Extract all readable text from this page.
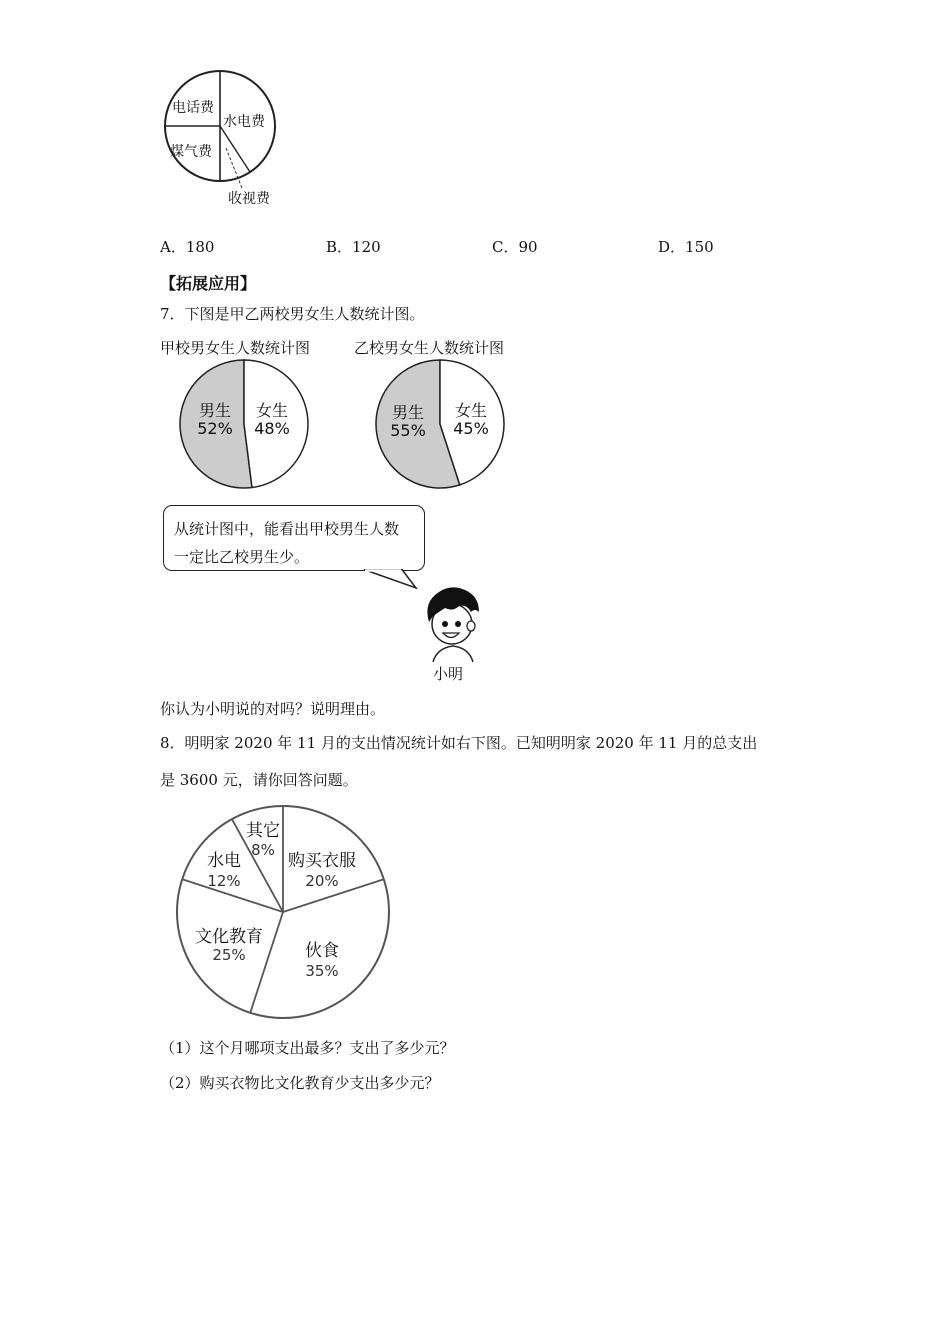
电话费
水电费
煤气费
收视费
A．180	B．120	C．90	D．150
【拓展应用】
7．下图是甲乙两校男女生人数统计图。
甲校男女生人数统计图	乙校男女生人数统计图
男生
52%
女生
48%
男生
55%
女生
45%
从统计图中，能看出甲校男生人数
一定比乙校男生少。
小明
你认为小明说的对吗？说明理由。
8．明明家 2020 年 11 月的支出情况统计如右下图。已知明明家 2020 年 11 月的总支出
是 3600 元，请你回答问题。
购买衣服
20%
伙食
35%
文化教育
25%
水电
12%
其它
8%
（1）这个月哪项支出最多？支出了多少元？
（2）购买衣物比文化教育少支出多少元？
